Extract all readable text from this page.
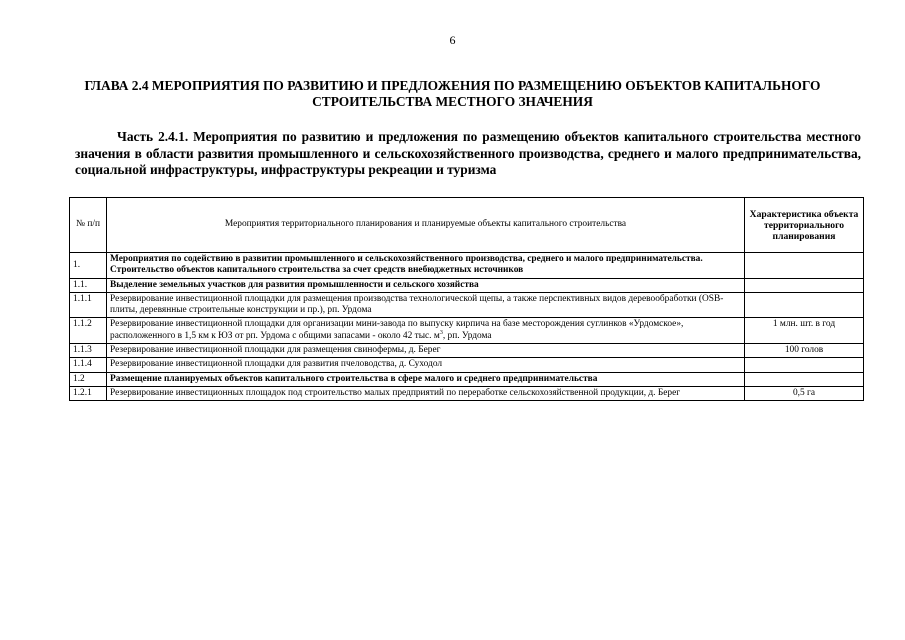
6
ГЛАВА 2.4 МЕРОПРИЯТИЯ ПО РАЗВИТИЮ И ПРЕДЛОЖЕНИЯ ПО РАЗМЕЩЕНИЮ ОБЪЕКТОВ КАПИТАЛЬНОГО СТРОИТЕЛЬСТВА МЕСТНОГО ЗНАЧЕНИЯ
Часть 2.4.1. Мероприятия по развитию и предложения по размещению объектов капитального строительства местного значения в области развития промышленного и сельскохозяйственного производства, среднего и малого предпринимательства, социальной инфраструктуры, инфраструктуры рекреации и туризма
№ п/п	Мероприятия территориального планирования и планируемые объекты капитального строительства	Характеристика объекта территориального планирования
1.	Мероприятия по содействию в развитии промышленного и сельскохозяйственного производства, среднего и малого предпринимательства. Строительство объектов капитального строительства за счет средств внебюджетных источников	
1.1.	Выделение земельных участков для развития промышленности и сельского хозяйства	
1.1.1	Резервирование инвестиционной площадки для размещения производства технологической щепы, а также перспективных видов деревообработки (OSB-плиты, деревянные строительные конструкции и пр.), рп. Урдома	
1.1.2	Резервирование инвестиционной площадки для организации мини-завода по выпуску кирпича на базе месторождения суглинков «Урдомское», расположенного в 1,5 км к ЮЗ от рп. Урдома с общими запасами - около 42 тыс. $м^3$, рп. Урдома	1 млн. шт. в год
1.1.3	Резервирование инвестиционной площадки для размещения свинофермы, д. Берег	100 голов
1.1.4	Резервирование инвестиционной площадки для развития пчеловодства, д. Суходол	
1.2	Размещение планируемых объектов капитального строительства в сфере малого и среднего предпринимательства	
1.2.1	Резервирование инвестиционных площадок под строительство малых предприятий по переработке сельскохозяйственной продукции, д. Берег	0,5 га
